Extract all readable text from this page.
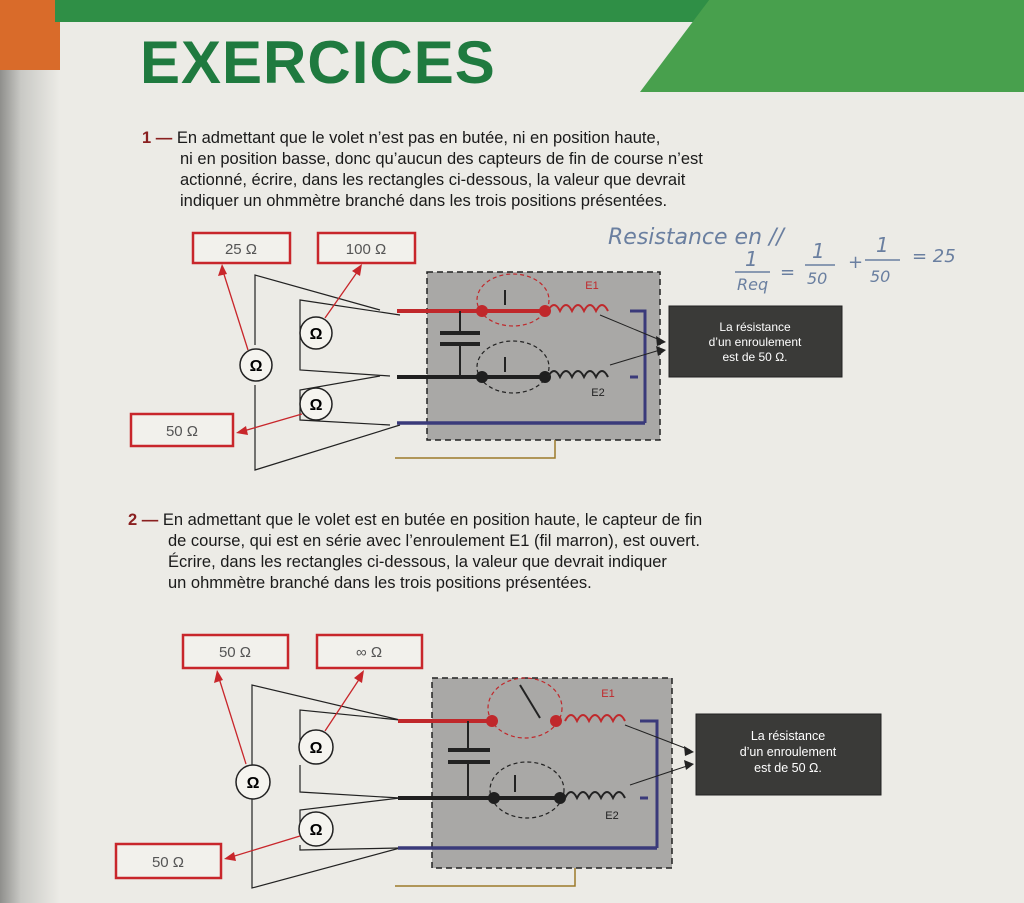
EXERCICES
1 — En admettant que le volet n’est pas en butée, ni en position haute,
ni en position basse, donc qu’aucun des capteurs de fin de course n’est
actionné, écrire, dans les rectangles ci-dessous, la valeur que devrait
indiquer un ohmmètre branché dans les trois positions présentées.
2 — En admettant que le volet est en butée en position haute, le capteur de fin
de course, qui est en série avec l’enroulement E1 (fil marron), est ouvert.
Écrire, dans les rectangles ci-dessous, la valeur que devrait indiquer
un ohmmètre branché dans les trois positions présentées.
25 Ω	100 Ω
50 Ω
Ω
Ω
Ω
E1
E2
La résistance
d’un enroulement
est de 50 Ω.
Resistance en //
1
Req
=
1
50
+
1
50
= 25
50 Ω	∞ Ω
50 Ω
Ω
Ω
Ω
E1
E2
La résistance
d’un enroulement
est de 50 Ω.
